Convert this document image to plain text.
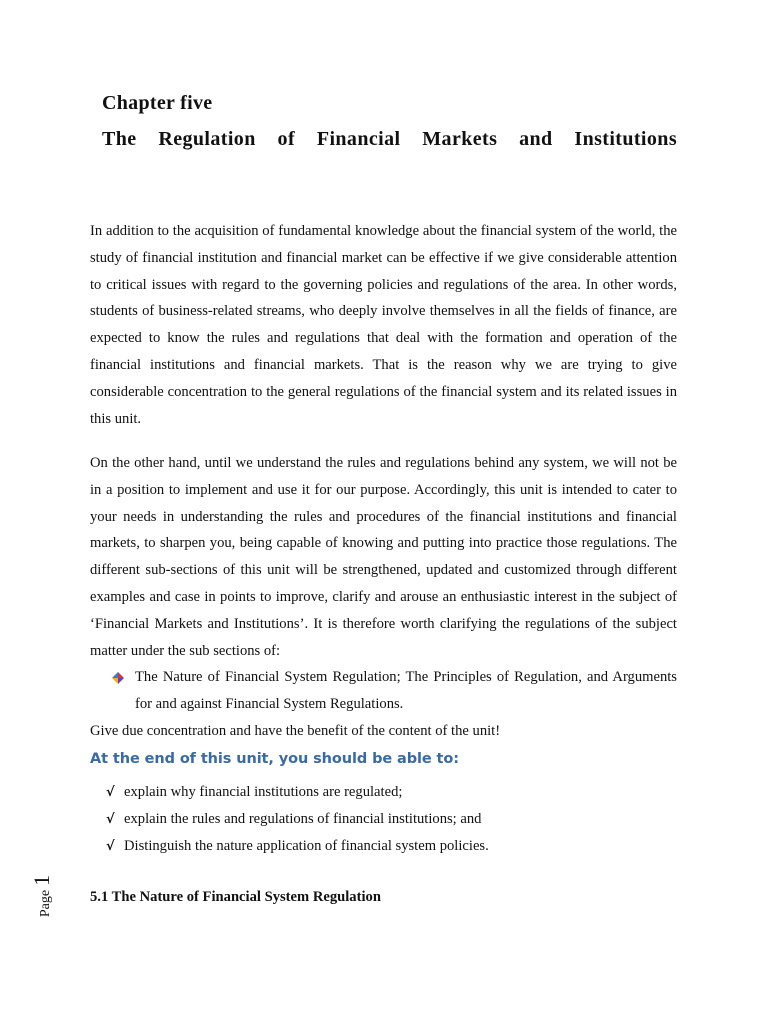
Chapter five
The Regulation of Financial Markets and Institutions

In addition to the acquisition of fundamental knowledge about the financial system of the world, the study of financial institution and financial market can be effective if we give considerable attention to critical issues with regard to the governing policies and regulations of the area. In other words, students of business-related streams, who deeply involve themselves in all the fields of finance, are expected to know the rules and regulations that deal with the formation and operation of the financial institutions and financial markets. That is the reason why we are trying to give considerable concentration to the general regulations of the financial system and its related issues in this unit.

On the other hand, until we understand the rules and regulations behind any system, we will not be in a position to implement and use it for our purpose. Accordingly, this unit is intended to cater to your needs in understanding the rules and procedures of the financial institutions and financial markets, to sharpen you, being capable of knowing and putting into practice those regulations. The different sub-sections of this unit will be strengthened, updated and customized through different examples and case in points to improve, clarify and arouse an enthusiastic interest in the subject of ‘Financial Markets and Institutions’. It is therefore worth clarifying the regulations of the subject matter under the sub sections of:

The Nature of Financial System Regulation; The Principles of Regulation, and Arguments for and against Financial System Regulations.

Give due concentration and have the benefit of the content of the unit!

At the end of this unit, you should be able to:
√ explain why financial institutions are regulated;
√ explain the rules and regulations of financial institutions; and
√ Distinguish the nature application of financial system policies.
5.1 The Nature of Financial System Regulation
Page1
